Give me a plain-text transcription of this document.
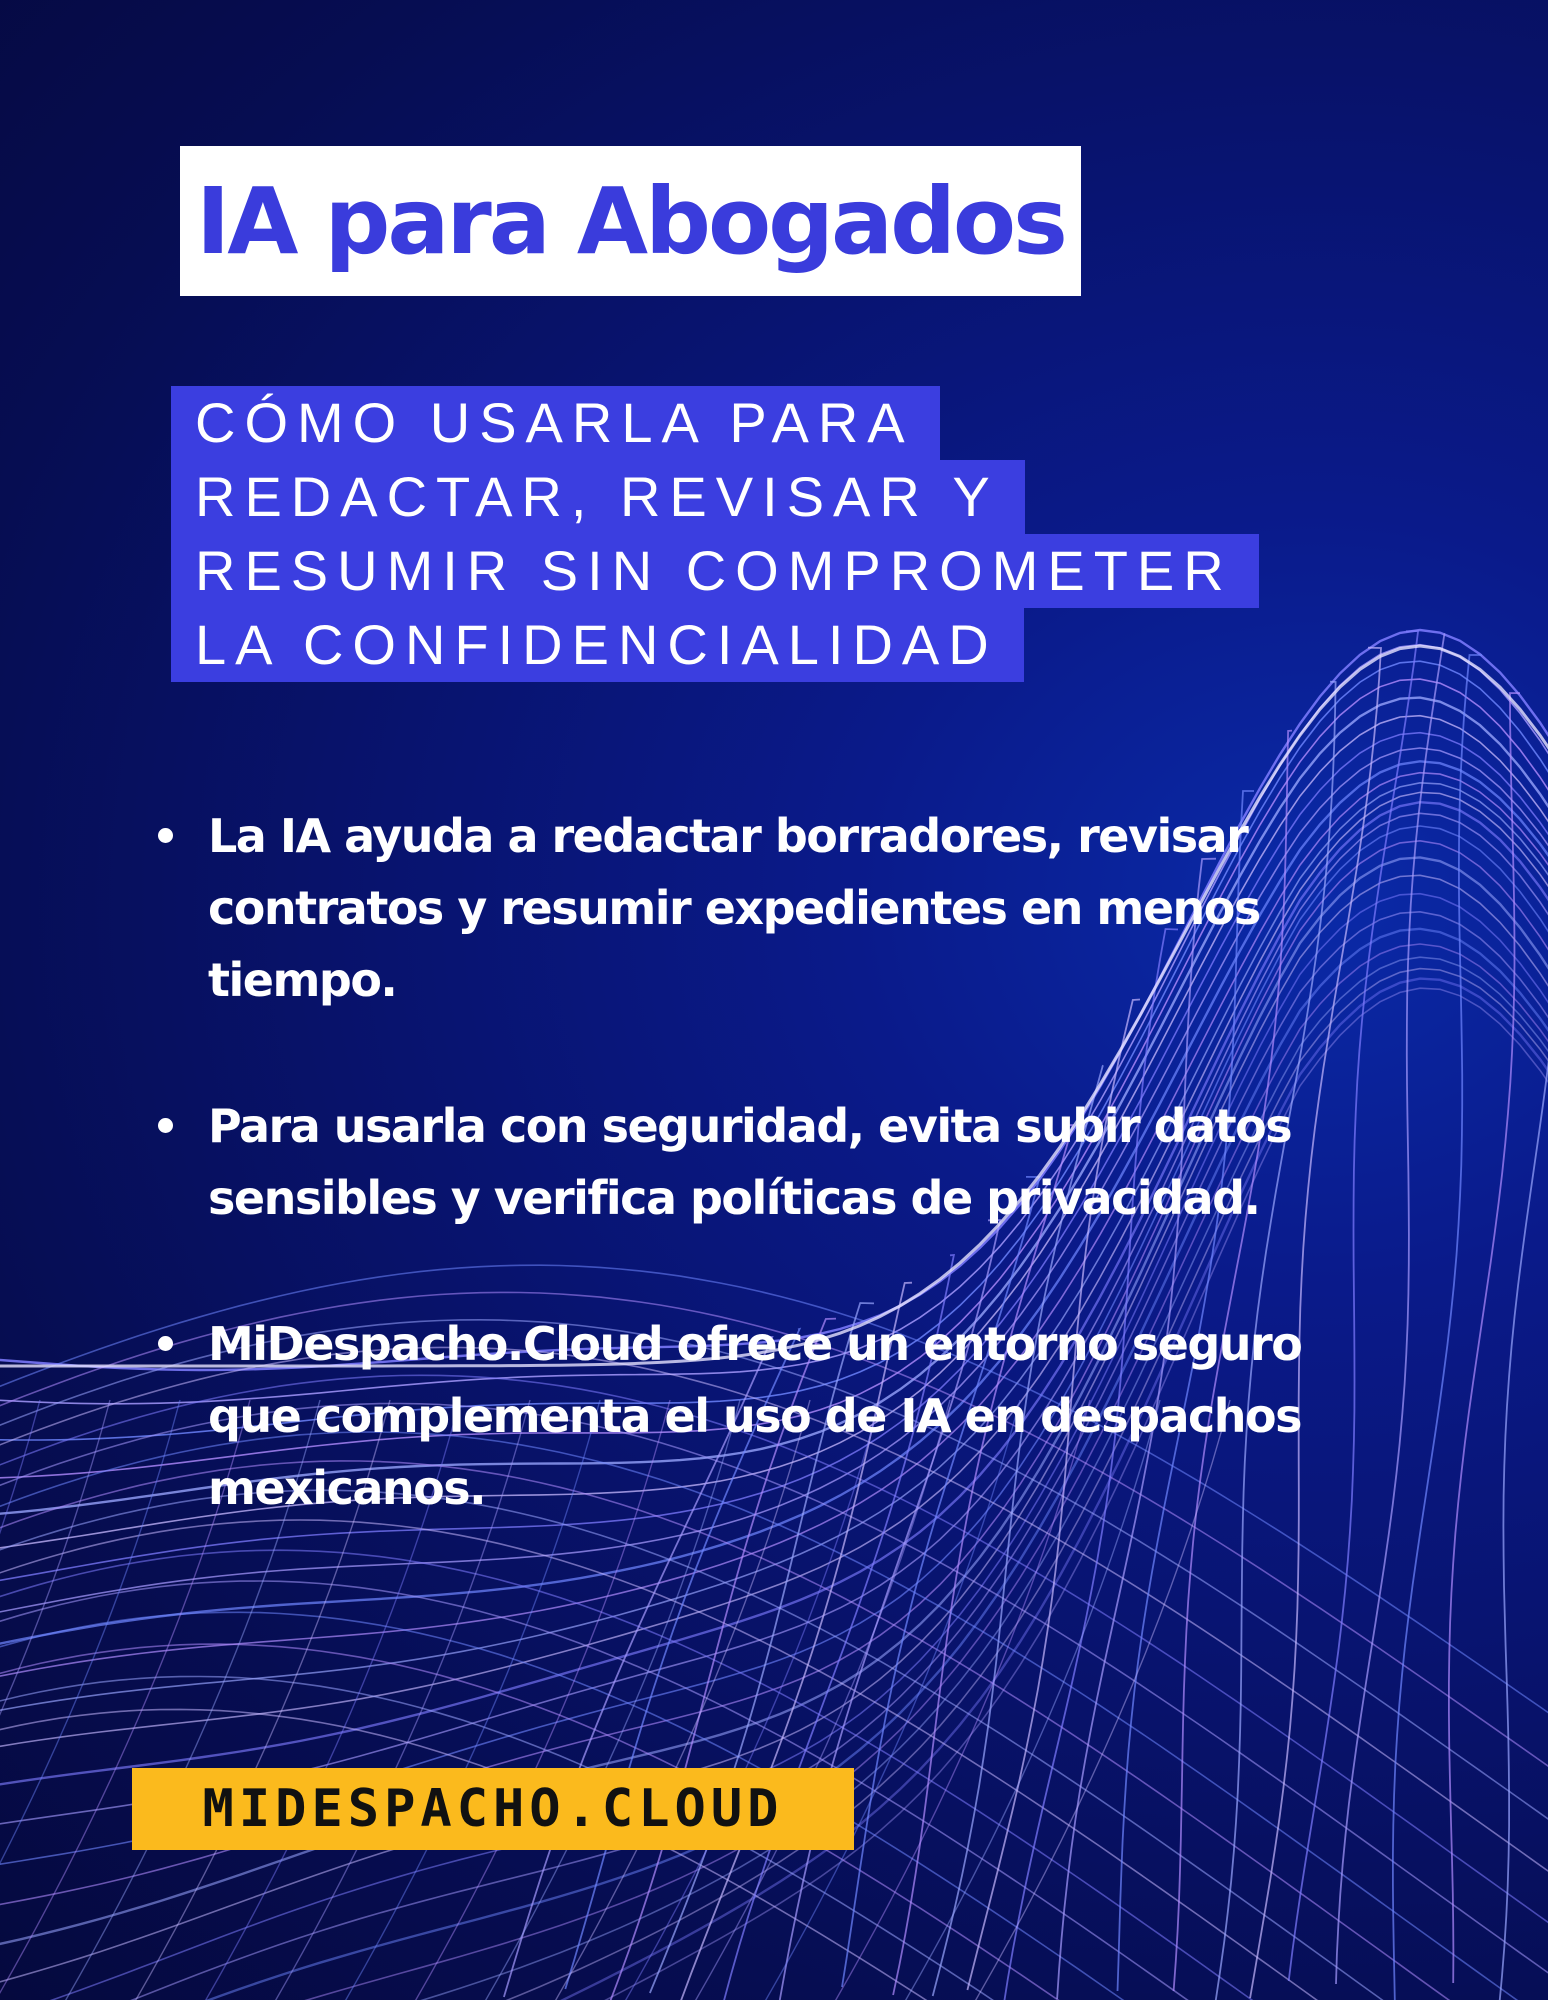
IA para Abogados
CÓMO USARLA PARA
REDACTAR, REVISAR Y
RESUMIR SIN COMPROMETER
LA CONFIDENCIALIDAD
La IA ayuda a redactar borradores, revisar contratos y resumir expedientes en menos tiempo.
Para usarla con seguridad, evita subir datos sensibles y verifica políticas de privacidad.
MiDespacho.Cloud ofrece un entorno seguro que complementa el uso de IA en despachos mexicanos.
MIDESPACHO.CLOUD
